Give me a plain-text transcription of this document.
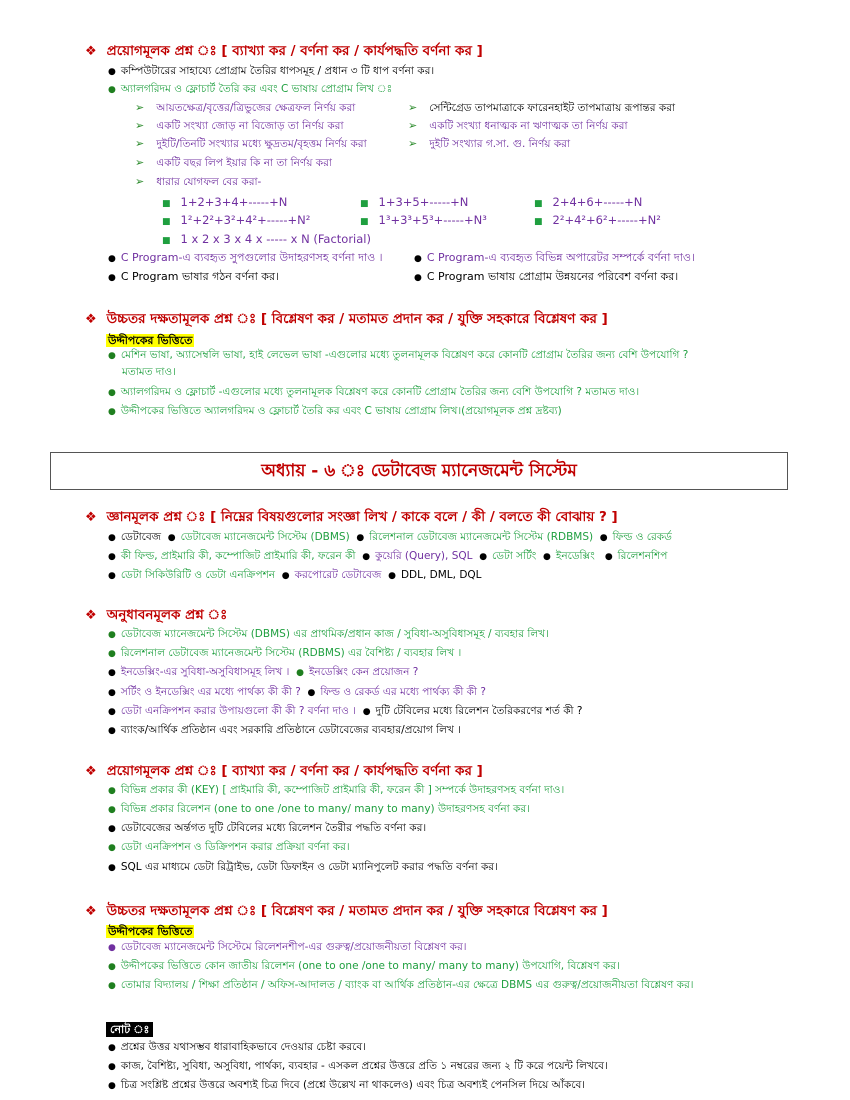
❖ প্রয়োগমূলক প্রশ্ন ঃ [ ব্যাখ্যা কর / বর্ণনা কর / কার্যপদ্ধতি বর্ণনা কর ]
● কম্পিউটারের সাহায্যে প্রোগ্রাম তৈরির ধাপসমূহ / প্রধান ৩ টি ধাপ বর্ণনা কর।
● অ্যালগরিদম ও ফ্লোচার্ট তৈরি কর এবং C ভাষায় প্রোগ্রাম লিখ ঃ
➢ আয়তক্ষেত্র/বৃত্তের/ত্রিভুজের ক্ষেত্রফল নির্ণয় করা
➢ একটি সংখ্যা জোড় না বিজোড় তা নির্ণয় করা
➢ দুইটি/তিনটি সংখ্যার মধ্যে ক্ষুদ্রতম/বৃহত্তম নির্ণয় করা
➢ একটি বছর লিপ ইয়ার কি না তা নির্ণয় করা
➢ ধারার যোগফল বের করা-
➢ সেন্টিগ্রেড তাপমাত্রাকে ফারেনহাইট তাপমাত্রায় রূপান্তর করা
➢ একটি সংখ্যা ধনাত্মক না ঋণাত্মক তা নির্ণয় করা
➢ দুইটি সংখ্যার গ.সা. গু. নির্ণয় করা
■ 1+2+3+4+-----+N	■ 1+3+5+-----+N	■ 2+4+6+-----+N
■ 1²+2²+3²+4²+-----+N²	■ 1³+3³+5³+-----+N³	■ 2²+4²+6²+-----+N²
■ 1 x 2 x 3 x 4 x ----- x N (Factorial)
● C Program-এ ব্যবহৃত সুপগুলোর উদাহরণসহ বর্ণনা দাও ।	● C Program-এ ব্যবহৃত বিভিন্ন অপারেটর সম্পর্কে বর্ণনা দাও।
● C Program ভাষার গঠন বর্ণনা কর।	● C Program ভাষায় প্রোগ্রাম উন্নয়নের পরিবেশ বর্ণনা কর।
❖ উচ্চতর দক্ষতামূলক প্রশ্ন ঃ [ বিশ্লেষণ কর / মতামত প্রদান কর / যুক্তি সহকারে বিশ্লেষণ কর ]
উদ্দীপকের ভিত্তিতে
● মেশিন ভাষা, অ্যাসেম্বলি ভাষা, হাই লেভেল ভাষা -এগুলোর মধ্যে তুলনামূলক বিশ্লেষণ করে কোনটি প্রোগ্রাম তৈরির জন্য বেশি উপযোগি ?
মতামত দাও।
● অ্যালগরিদম ও ফ্লোচার্ট -এগুলোর মধ্যে তুলনামূলক বিশ্লেষণ করে কোনটি প্রোগ্রাম তৈরির জন্য বেশি উপযোগি ? মতামত দাও।
● উদ্দীপকের ভিত্তিতে অ্যালগরিদম ও ফ্লোচার্ট তৈরি কর এবং C ভাষায় প্রোগ্রাম লিখ।(প্রয়োগমূলক প্রশ্ন দ্রষ্টব্য)
অধ্যায় - ৬ ঃ ডেটাবেজ ম্যানেজমেন্ট সিস্টেম
❖ জ্ঞানমূলক প্রশ্ন ঃ [ নিম্নের বিষয়গুলোর সংজ্ঞা লিখ / কাকে বলে / কী / বলতে কী বোঝায় ? ]
● ডেটাবেজ ● ডেটাবেজ ম্যানেজমেন্ট সিস্টেম (DBMS) ● রিলেশনাল ডেটাবেজ ম্যানেজমেন্ট সিস্টেম (RDBMS) ● ফিল্ড ও রেকর্ড
● কী ফিল্ড, প্রাইমারি কী, কম্পোজিট প্রাইমারি কী, ফরেন কী ● কুয়েরি (Query), SQL ● ডেটা সর্টিং ● ইনডেক্সিং ● রিলেশনশিপ
● ডেটা সিকিউরিটি ও ডেটা এনক্রিপশন ● করপোরেট ডেটাবেজ ● DDL, DML, DQL
❖ অনুধাবনমূলক প্রশ্ন ঃ
● ডেটাবেজ ম্যানেজমেন্ট সিস্টেম (DBMS) এর প্রাথমিক/প্রধান কাজ / সুবিধা-অসুবিধাসমূহ / ব্যবহার লিখ।
● রিলেশনাল ডেটাবেজ ম্যানেজমেন্ট সিস্টেম (RDBMS) এর বৈশিষ্ট্য / ব্যবহার লিখ ।
● ইনডেক্সিং-এর সুবিধা-অসুবিধাসমূহ লিখ । ● ইনডেক্সিং কেন প্রয়োজন ?
● সর্টিং ও ইনডেক্সিং এর মধ্যে পার্থক্য কী কী ? ● ফিল্ড ও রেকর্ড এর মধ্যে পার্থক্য কী কী ?
● ডেটা এনক্রিপশন করার উপায়গুলো কী কী ? বর্ণনা দাও । ● দুটি টেবিলের মধ্যে রিলেশন তৈরিকরণের শর্ত কী ?
● ব্যাংক/আর্থিক প্রতিষ্ঠান এবং সরকারি প্রতিষ্ঠানে ডেটাবেজের ব্যবহার/প্রয়োগ লিখ ।
❖ প্রয়োগমূলক প্রশ্ন ঃ [ ব্যাখ্যা কর / বর্ণনা কর / কার্যপদ্ধতি বর্ণনা কর ]
● বিভিন্ন প্রকার কী (KEY) [ প্রাইমারি কী, কম্পোজিট প্রাইমারি কী, ফরেন কী ] সম্পর্কে উদাহরণসহ বর্ণনা দাও।
● বিভিন্ন প্রকার রিলেশন (one to one /one to many/ many to many) উদাহরণসহ বর্ণনা কর।
● ডেটাবেজের অর্ন্তগত দুটি টেবিলের মধ্যে রিলেশন তৈরীর পদ্ধতি বর্ণনা কর।
● ডেটা এনক্রিপশন ও ডিক্রিপশন করার প্রক্রিয়া বর্ণনা কর।
● SQL এর মাধ্যমে ডেটা রিট্রাইভ, ডেটা ডিফাইন ও ডেটা ম্যানিপুলেট করার পদ্ধতি বর্ণনা কর।
❖ উচ্চতর দক্ষতামূলক প্রশ্ন ঃ [ বিশ্লেষণ কর / মতামত প্রদান কর / যুক্তি সহকারে বিশ্লেষণ কর ]
উদ্দীপকের ভিত্তিতে
● ডেটাবেজ ম্যানেজমেন্ট সিস্টেমে রিলেশনশীপ-এর গুরুত্ব/প্রয়োজনীয়তা বিশ্লেষণ কর।
● উদ্দীপকের ভিত্তিতে কোন জাতীয় রিলেশন (one to one /one to many/ many to many) উপযোগি, বিশ্লেষণ কর।
● তোমার বিদ্যালয় / শিক্ষা প্রতিষ্ঠান / অফিস-আদালত / ব্যাংক বা আর্থিক প্রতিষ্ঠান-এর ক্ষেত্রে DBMS এর গুরুত্ব/প্রয়োজনীয়তা বিশ্লেষণ কর।
নোট ঃ
● প্রশ্নের উত্তর যথাসম্ভব ধারাবাহিকভাবে দেওয়ার চেষ্টা করবে।
● কাজ, বৈশিষ্ট্য, সুবিধা, অসুবিধা, পার্থক্য, ব্যবহার - এসকল প্রশ্নের উত্তরে প্রতি ১ নম্বরের জন্য ২ টি করে পয়েন্ট লিখবে।
● চিত্র সংশ্লিষ্ট প্রশ্নের উত্তরে অবশ্যই চিত্র দিবে (প্রশ্নে উল্লেখ না থাকলেও) এবং চিত্র অবশ্যই পেনসিল দিয়ে আঁকবে।
